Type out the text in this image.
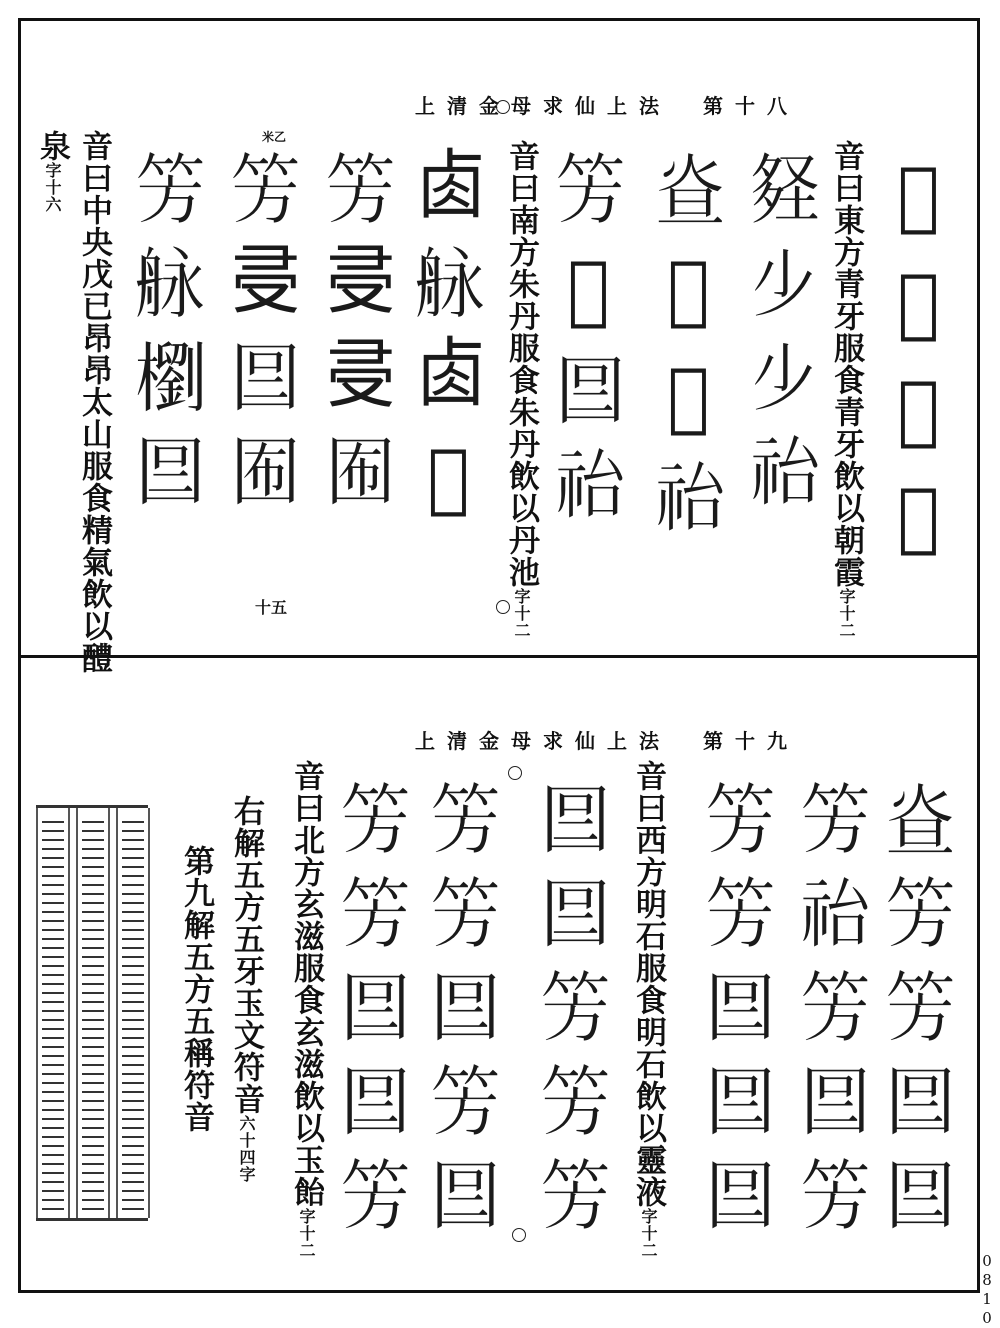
上清金母求仙上法　第十八
音曰東方青牙服食青牙飲以朝霞字十二
音曰南方朱丹服食朱丹飲以丹池字十二
音曰中央戊已昂昂太山服食精氣飲以醴
泉字十六	𣓚𠫤𡙇𥦮
𡌪𣥂𣥂𥙉
𤇁𦣡𦣡𥙉
𥫳𣹏𡇉𥙉
𠧪𦨬𠧪𠫤
𥫳𠬶𠬶𡇊
𥫳𠬶𡇉𡇊
𥫳𦨬𣞗𡇉
十五
米乙
上清金母求仙上法　第十九
音曰西方明石服食明石飲以靈液字十二
音曰北方玄滋服食玄滋飲以玉飴字十二
右解五方五牙玉文符音六十四字
第九解五方五稱符音	𤇁𥫳𥫳𡇉𡇉
𥫳𥙉𥫳𡇉𥫳
𥫳𥫳𡇉𡇉𡇉
𡇉𡇉𥫳𥫳𥫳
𥫳𥫳𡇉𥫳𡇉
𥫳𥫳𡇉𡇉𥫳
0810
